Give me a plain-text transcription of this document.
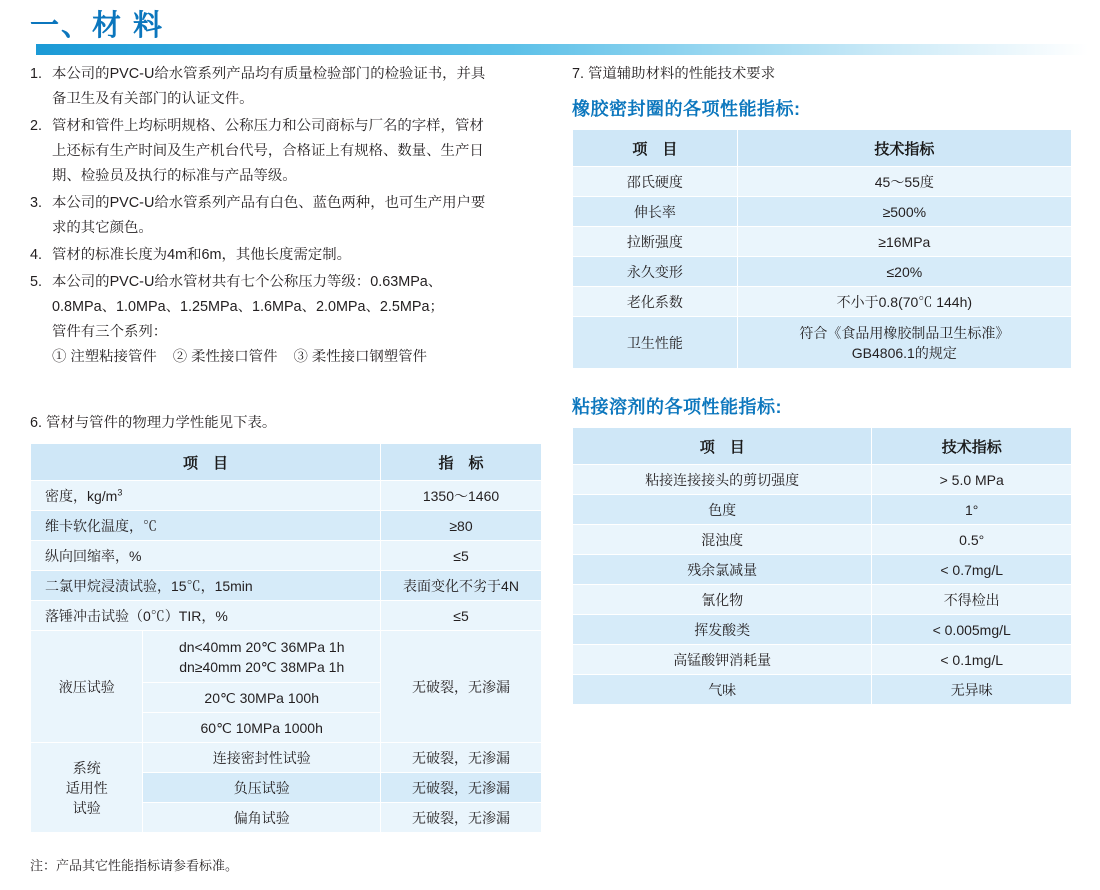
一、材 料
1. 本公司的PVC-U给水管系列产品均有质量检验部门的检验证书，并具
备卫生及有关部门的认证文件。
2. 管材和管件上均标明规格、公称压力和公司商标与厂名的字样，管材
上还标有生产时间及生产机台代号，合格证上有规格、数量、生产日
期、检验员及执行的标准与产品等级。
3. 本公司的PVC-U给水管系列产品有白色、蓝色两种，也可生产用户要
求的其它颜色。
4. 管材的标准长度为4m和6m，其他长度需定制。
5. 本公司的PVC-U给水管材共有七个公称压力等级：0.63MPa、
0.8MPa、1.0MPa、1.25MPa、1.6MPa、2.0MPa、2.5MPa；
管件有三个系列：
① 注塑粘接管件 ② 柔性接口管件 ③ 柔性接口钢塑管件

6. 管材与管件的物理力学性能见下表。

项　目		指　标
密度，$kg/m^3$		1350～1460
维卡软化温度，℃		≥80
纵向回缩率，%		≤5
二氯甲烷浸渍试验，15℃，15min		表面变化不劣于4N
落锤冲击试验（0℃）TIR，%		≤5
液压试验	dn<40mm 20℃ 36MPa 1h
dn≥40mm 20℃ 38MPa 1h	无破裂，无渗漏
	20℃ 30MPa 100h	
	60℃ 10MPa 1000h	
系统
适用性
试验	连接密封性试验	无破裂，无渗漏
	负压试验	无破裂，无渗漏
	偏角试验	无破裂，无渗漏
注：产品其它性能指标请参看标准。

7. 管道辅助材料的性能技术要求

橡胶密封圈的各项性能指标:
项　目	技术指标
邵氏硬度	45～55度
伸长率	≥500%
拉断强度	≥16MPa
永久变形	≤20%
老化系数	不小于0.8(70℃ 144h)
卫生性能	符合《食品用橡胶制品卫生标准》
GB4806.1的规定
粘接溶剂的各项性能指标:
项　目	技术指标
粘接连接接头的剪切强度	> 5.0 MPa
色度	1°
混浊度	0.5°
残余氯减量	< 0.7mg/L
氰化物	不得检出
挥发酸类	< 0.005mg/L
高锰酸钾消耗量	< 0.1mg/L
气味	无异味
